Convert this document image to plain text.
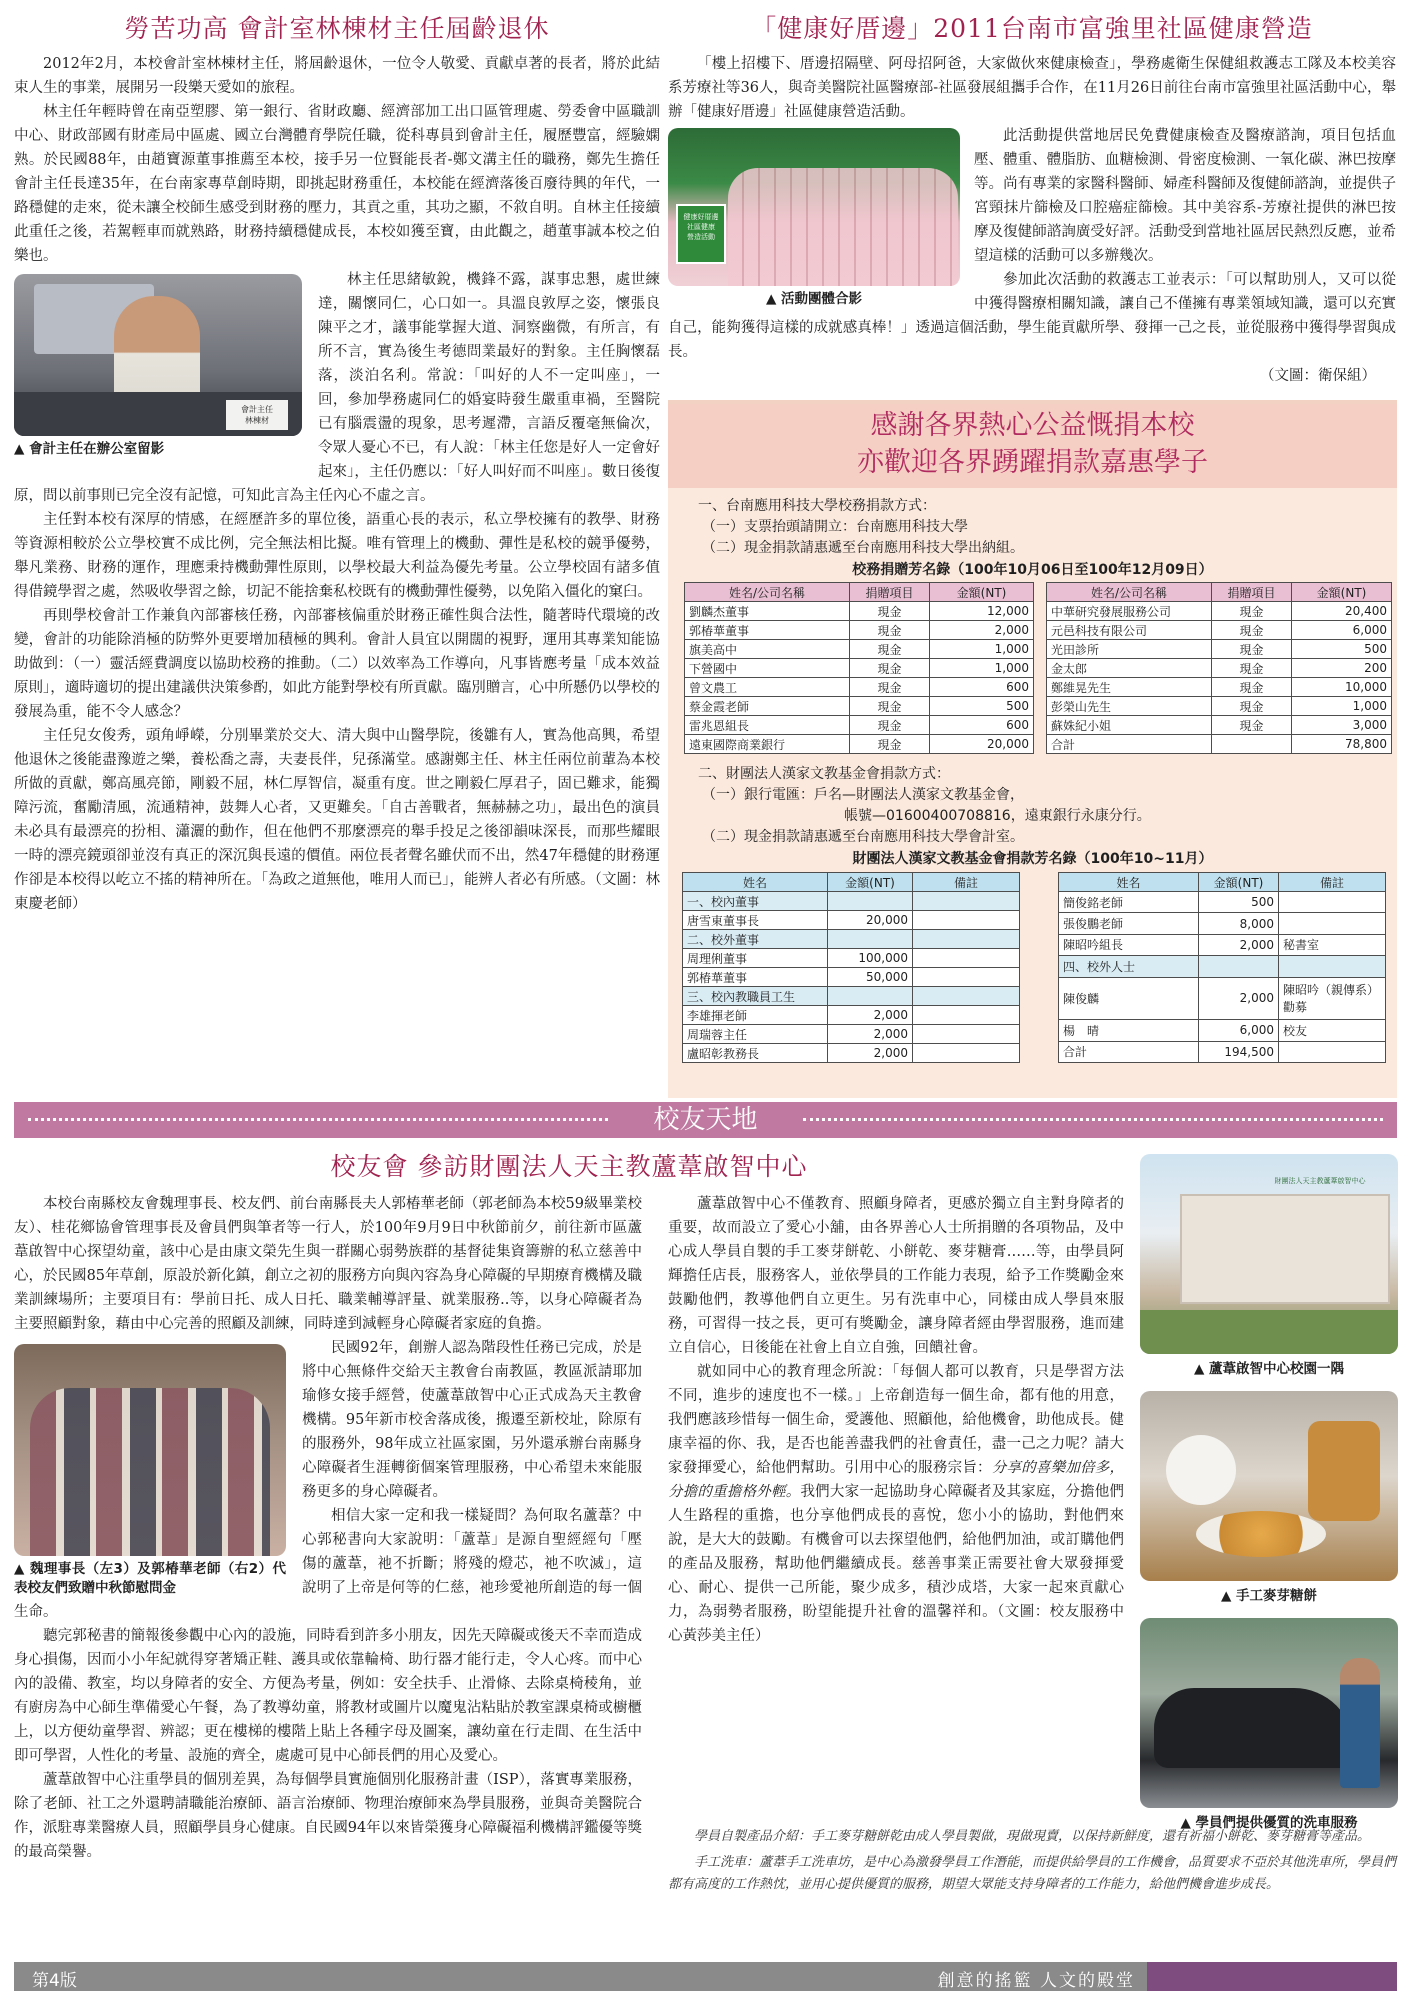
勞苦功高 會計室林棟材主任屆齡退休

2012年2月，本校會計室林棟材主任，將屆齡退休，一位令人敬愛、貢獻卓著的長者，將於此結束人生的事業，展開另一段樂天愛如的旅程。

林主任年輕時曾在南亞塑膠、第一銀行、省財政廳、經濟部加工出口區管理處、勞委會中區職訓中心、財政部國有財產局中區處、國立台灣體育學院任職，從科專員到會計主任，履歷豐富，經驗嫻熟。於民國88年，由趙寶源董事推薦至本校，接手另一位賢能長者-鄭文溝主任的職務，鄭先生擔任會計主任長達35年，在台南家專草創時期，即挑起財務重任，本校能在經濟落後百廢待興的年代，一路穩健的走來，從未讓全校師生感受到財務的壓力，其貢之重，其功之顯，不敘自明。自林主任接續此重任之後，若駕輕車而就熟路，財務持續穩健成長，本校如獲至寶，由此觀之，趙董事誠本校之伯樂也。

會計主任
林棟材
▲ 會計主任在辦公室留影

林主任思緒敏銳，機鋒不露，謀事忠懇，處世練達，關懷同仁，心口如一。具溫良敦厚之姿，懷張良陳平之才，議事能掌握大道、洞察幽微，有所言，有所不言，實為後生考德問業最好的對象。主任胸懷磊落，淡泊名利。常說：「叫好的人不一定叫座」，一回，參加學務處同仁的婚宴時發生嚴重車禍，至醫院已有腦震盪的現象，思考遲滯，言語反覆毫無倫次，令眾人憂心不已，有人說：「林主任您是好人一定會好起來」，主任仍應以：「好人叫好而不叫座」。數日後復原，問以前事則已完全沒有記憶，可知此言為主任內心不虛之言。

主任對本校有深厚的情感，在經歷許多的單位後，語重心長的表示，私立學校擁有的教學、財務等資源相較於公立學校實不成比例，完全無法相比擬。唯有管理上的機動、彈性是私校的競爭優勢，舉凡業務、財務的運作，理應秉持機動彈性原則，以學校最大利益為優先考量。公立學校固有諸多值得借鏡學習之處，然吸收學習之餘，切記不能捨棄私校既有的機動彈性優勢，以免陷入僵化的窠臼。

再則學校會計工作兼負內部審核任務，內部審核偏重於財務正確性與合法性，隨著時代環境的改變，會計的功能除消極的防弊外更要增加積極的興利。會計人員宜以開闊的視野，運用其專業知能協助做到：（一）靈活經費調度以協助校務的推動。（二）以效率為工作導向，凡事皆應考量「成本效益原則」，適時適切的提出建議供決策參酌，如此方能對學校有所貢獻。臨別贈言，心中所懸仍以學校的發展為重，能不令人感念？

主任兒女俊秀，頭角崢嶸，分別畢業於交大、清大與中山醫學院，後雛有人，實為他高興，希望他退休之後能盡豫遊之樂，養松喬之壽，夫妻長伴，兒孫滿堂。感謝鄭主任、林主任兩位前輩為本校所做的貢獻，鄭高風亮節，剛毅不屈，林仁厚智信，凝重有度。世之剛毅仁厚君子，固已難求，能獨障污流，奮勵清風，流通精神，鼓舞人心者，又更難矣。「自古善戰者，無赫赫之功」，最出色的演員未必具有最漂亮的扮相、瀟灑的動作，但在他們不那麼漂亮的舉手投足之後卻韻味深長，而那些耀眼一時的漂亮鏡頭卻並沒有真正的深沉與長遠的價值。兩位長者聲名雖伏而不出，然47年穩健的財務運作卻是本校得以屹立不搖的精神所在。「為政之道無他，唯用人而已」，能辨人者必有所感。（文圖：林東慶老師）

「健康好厝邊」2011台南市富強里社區健康營造

「樓上招樓下、厝邊招隔壁、阿母招阿爸，大家做伙來健康檢查」，學務處衛生保健組救護志工隊及本校美容系芳療社等36人，與奇美醫院社區醫療部-社區發展組攜手合作，在11月26日前往台南市富強里社區活動中心，舉辦「健康好厝邊」社區健康營造活動。

健康好厝邊
社區健康
營造活動
▲ 活動團體合影

此活動提供當地居民免費健康檢查及醫療諮詢，項目包括血壓、體重、體脂肪、血糖檢測、骨密度檢測、一氧化碳、淋巴按摩等。尚有專業的家醫科醫師、婦產科醫師及復健師諮詢，並提供子宮頸抹片篩檢及口腔癌症篩檢。其中美容系-芳療社提供的淋巴按摩及復健師諮詢廣受好評。活動受到當地社區居民熱烈反應，並希望這樣的活動可以多辦幾次。

參加此次活動的救護志工並表示：「可以幫助別人，又可以從中獲得醫療相關知識，讓自己不僅擁有專業領域知識，還可以充實自己，能夠獲得這樣的成就感真棒！」透過這個活動，學生能貢獻所學、發揮一己之長，並從服務中獲得學習與成長。

（文圖：衛保組）
感謝各界熱心公益慨捐本校
亦歡迎各界踴躍捐款嘉惠學子
一、台南應用科技大學校務捐款方式：
（一）支票抬頭請開立：台南應用科技大學
（二）現金捐款請惠遞至台南應用科技大學出納組。
校務捐贈芳名錄（100年10月06日至100年12月09日）
姓名/公司名稱	捐贈項目	金額(NT)
劉麟杰董事	現金	12,000
郭椿華董事	現金	2,000
旗美高中	現金	1,000
下營國中	現金	1,000
曾文農工	現金	600
蔡金霞老師	現金	500
雷兆恩組長	現金	600
遠東國際商業銀行	現金	20,000
姓名/公司名稱	捐贈項目	金額(NT)
中華研究發展服務公司	現金	20,400
元邑科技有限公司	現金	6,000
光田診所	現金	500
金太郎	現金	200
鄭維晃先生	現金	10,000
彭榮山先生	現金	1,000
蘇姝紀小姐	現金	3,000
合計		78,800
二、財團法人漢家文教基金會捐款方式：
（一）銀行電匯：戶名—財團法人漢家文教基金會，
帳號—01600400708816，遠東銀行永康分行。
（二）現金捐款請惠遞至台南應用科技大學會計室。
財團法人漢家文教基金會捐款芳名錄（100年10~11月）
姓名	金額(NT)	備註
一、校內董事		
唐雪東董事長	20,000	
二、校外董事		
周理俐董事	100,000	
郭椿華董事	50,000	
三、校內教職員工生		
李雄揮老師	2,000	
周瑞蓉主任	2,000	
盧昭彰教務長	2,000	
姓名	金額(NT)	備註
簡俊銘老師	500	
張俊鵬老師	8,000	
陳昭吟組長	2,000	秘書室
四、校外人士		
陳俊麟	2,000	陳昭吟（親傳系）勸募
楊　晴	6,000	校友
合計	194,500	
校友天地
校友會 參訪財團法人天主教蘆葦啟智中心

本校台南縣校友會魏理事長、校友們、前台南縣長夫人郭椿華老師（郭老師為本校59級畢業校友）、桂花鄉協會管理事長及會員們與筆者等一行人，於100年9月9日中秋節前夕，前往新市區蘆葦啟智中心探望幼童，該中心是由康文榮先生與一群關心弱勢族群的基督徒集資籌辦的私立慈善中心，於民國85年草創，原設於新化鎮，創立之初的服務方向與內容為身心障礙的早期療育機構及職業訓練場所；主要項目有：學前日托、成人日托、職業輔導評量、就業服務..等，以身心障礙者為主要照顧對象，藉由中心完善的照顧及訓練，同時達到減輕身心障礙者家庭的負擔。

▲ 魏理事長（左3）及郭椿華老師（右2）代表校友們致贈中秋節慰問金

民國92年，創辦人認為階段性任務已完成，於是將中心無條件交給天主教會台南教區，教區派請耶加瑜修女接手經營，使蘆葦啟智中心正式成為天主教會機構。95年新市校舍落成後，搬遷至新校址，除原有的服務外，98年成立社區家園，另外還承辦台南縣身心障礙者生涯轉銜個案管理服務，中心希望未來能服務更多的身心障礙者。

相信大家一定和我一樣疑問？為何取名蘆葦？中心郭秘書向大家說明：「蘆葦」是源自聖經經句「壓傷的蘆葦，祂不折斷；將殘的燈芯，祂不吹滅」，這說明了上帝是何等的仁慈，祂珍愛祂所創造的每一個生命。

聽完郭秘書的簡報後參觀中心內的設施，同時看到許多小朋友，因先天障礙或後天不幸而造成身心損傷，因而小小年紀就得穿著矯正鞋、護具或依靠輪椅、助行器才能行走，令人心疼。而中心內的設備、教室，均以身障者的安全、方便為考量，例如：安全扶手、止滑條、去除桌椅稜角，並有廚房為中心師生準備愛心午餐，為了教導幼童，將教材或圖片以魔鬼沾粘貼於教室課桌椅或櫥櫃上，以方便幼童學習、辨認；更在樓梯的樓階上貼上各種字母及圖案，讓幼童在行走間、在生活中即可學習，人性化的考量、設施的齊全，處處可見中心師長們的用心及愛心。

蘆葦啟智中心注重學員的個別差異，為每個學員實施個別化服務計畫（ISP），落實專業服務，除了老師、社工之外還聘請職能治療師、語言治療師、物理治療師來為學員服務，並與奇美醫院合作，派駐專業醫療人員，照顧學員身心健康。自民國94年以來皆榮獲身心障礙福利機構評鑑優等獎的最高榮譽。

蘆葦啟智中心不僅教育、照顧身障者，更感於獨立自主對身障者的重要，故而設立了愛心小舖，由各界善心人士所捐贈的各項物品，及中心成人學員自製的手工麥芽餅乾、小餅乾、麥芽糖膏……等，由學員阿輝擔任店長，服務客人，並依學員的工作能力表現，給予工作獎勵金來鼓勵他們，教導他們自立更生。另有洗車中心，同樣由成人學員來服務，可習得一技之長，更可有獎勵金，讓身障者經由學習服務，進而建立自信心，日後能在社會上自立自強，回饋社會。

就如同中心的教育理念所說：「每個人都可以教育，只是學習方法不同，進步的速度也不一樣。」上帝創造每一個生命，都有他的用意，我們應該珍惜每一個生命，愛護他、照顧他，給他機會，助他成長。健康幸福的你、我，是否也能善盡我們的社會責任，盡一己之力呢？請大家發揮愛心，給他們幫助。引用中心的服務宗旨：分享的喜樂加倍多，分擔的重擔格外輕。我們大家一起協助身心障礙者及其家庭，分擔他們人生路程的重擔，也分享他們成長的喜悅，您小小的協助，對他們來說，是大大的鼓勵。有機會可以去探望他們，給他們加油，或訂購他們的產品及服務，幫助他們繼續成長。慈善事業正需要社會大眾發揮愛心、耐心、提供一己所能，聚少成多，積沙成塔，大家一起來貢獻心力，為弱勢者服務，盼望能提升社會的溫馨祥和。（文圖：校友服務中心黃莎美主任）

財團法人天主教蘆葦啟智中心
▲ 蘆葦啟智中心校園一隅
▲ 手工麥芽糖餅
▲ 學員們提供優質的洗車服務

學員自製產品介紹：手工麥芽糖餅乾由成人學員製做，現做現賣，以保持新鮮度，還有祈福小餅乾、麥芽糖膏等產品。

手工洗車：蘆葦手工洗車坊，是中心為激發學員工作潛能，而提供給學員的工作機會，品質要求不亞於其他洗車所，學員們都有高度的工作熱忱，並用心提供優質的服務，期望大眾能支持身障者的工作能力，給他們機會進步成長。

第4版	創意的搖籃 人文的殿堂
